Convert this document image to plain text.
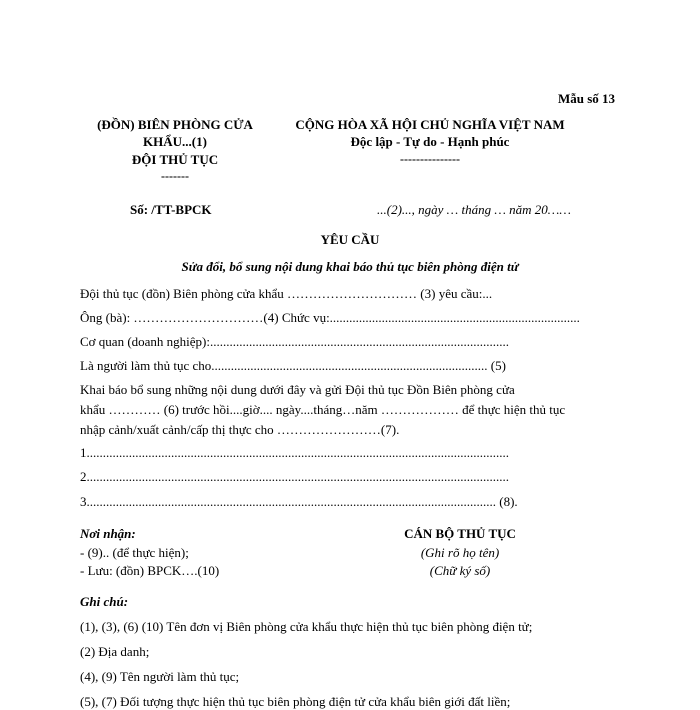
Mẫu số 13
(ĐỒN) BIÊN PHÒNG CỬA
KHẨU...(1)
ĐỘI THỦ TỤC
-------
Số: /TT-BPCK
CỘNG HÒA XÃ HỘI CHỦ NGHĨA VIỆT NAM
Độc lập - Tự do - Hạnh phúc
---------------
...(2)..., ngày … tháng … năm 20……
YÊU CẦU
Sửa đổi, bổ sung nội dung khai báo thủ tục biên phòng điện tử
Đội thủ tục (đồn) Biên phòng cửa khẩu ………………………… (3) yêu cầu:...
Ông (bà): …………………………(4) Chức vụ:.............................................................................
Cơ quan (doanh nghiệp):............................................................................................
Là người làm thủ tục cho..................................................................................... (5)
Khai báo bổ sung những nội dung dưới đây và gửi Đội thủ tục Đồn Biên phòng cửa
khẩu ………… (6) trước hồi....giờ.... ngày....tháng…năm ……………… để thực hiện thủ tục
nhập cảnh/xuất cảnh/cấp thị thực cho ……………………(7).
1..................................................................................................................................
2..................................................................................................................................
3.............................................................................................................................. (8).
Nơi nhận:
- (9).. (để thực hiện);
- Lưu: (đồn) BPCK….(10)
CÁN BỘ THỦ TỤC
(Ghi rõ họ tên)
(Chữ ký số)
Ghi chú:
(1), (3), (6) (10) Tên đơn vị Biên phòng cửa khẩu thực hiện thủ tục biên phòng điện tử;
(2) Địa danh;
(4), (9) Tên người làm thủ tục;
(5), (7) Đối tượng thực hiện thủ tục biên phòng điện tử cửa khẩu biên giới đất liền;
